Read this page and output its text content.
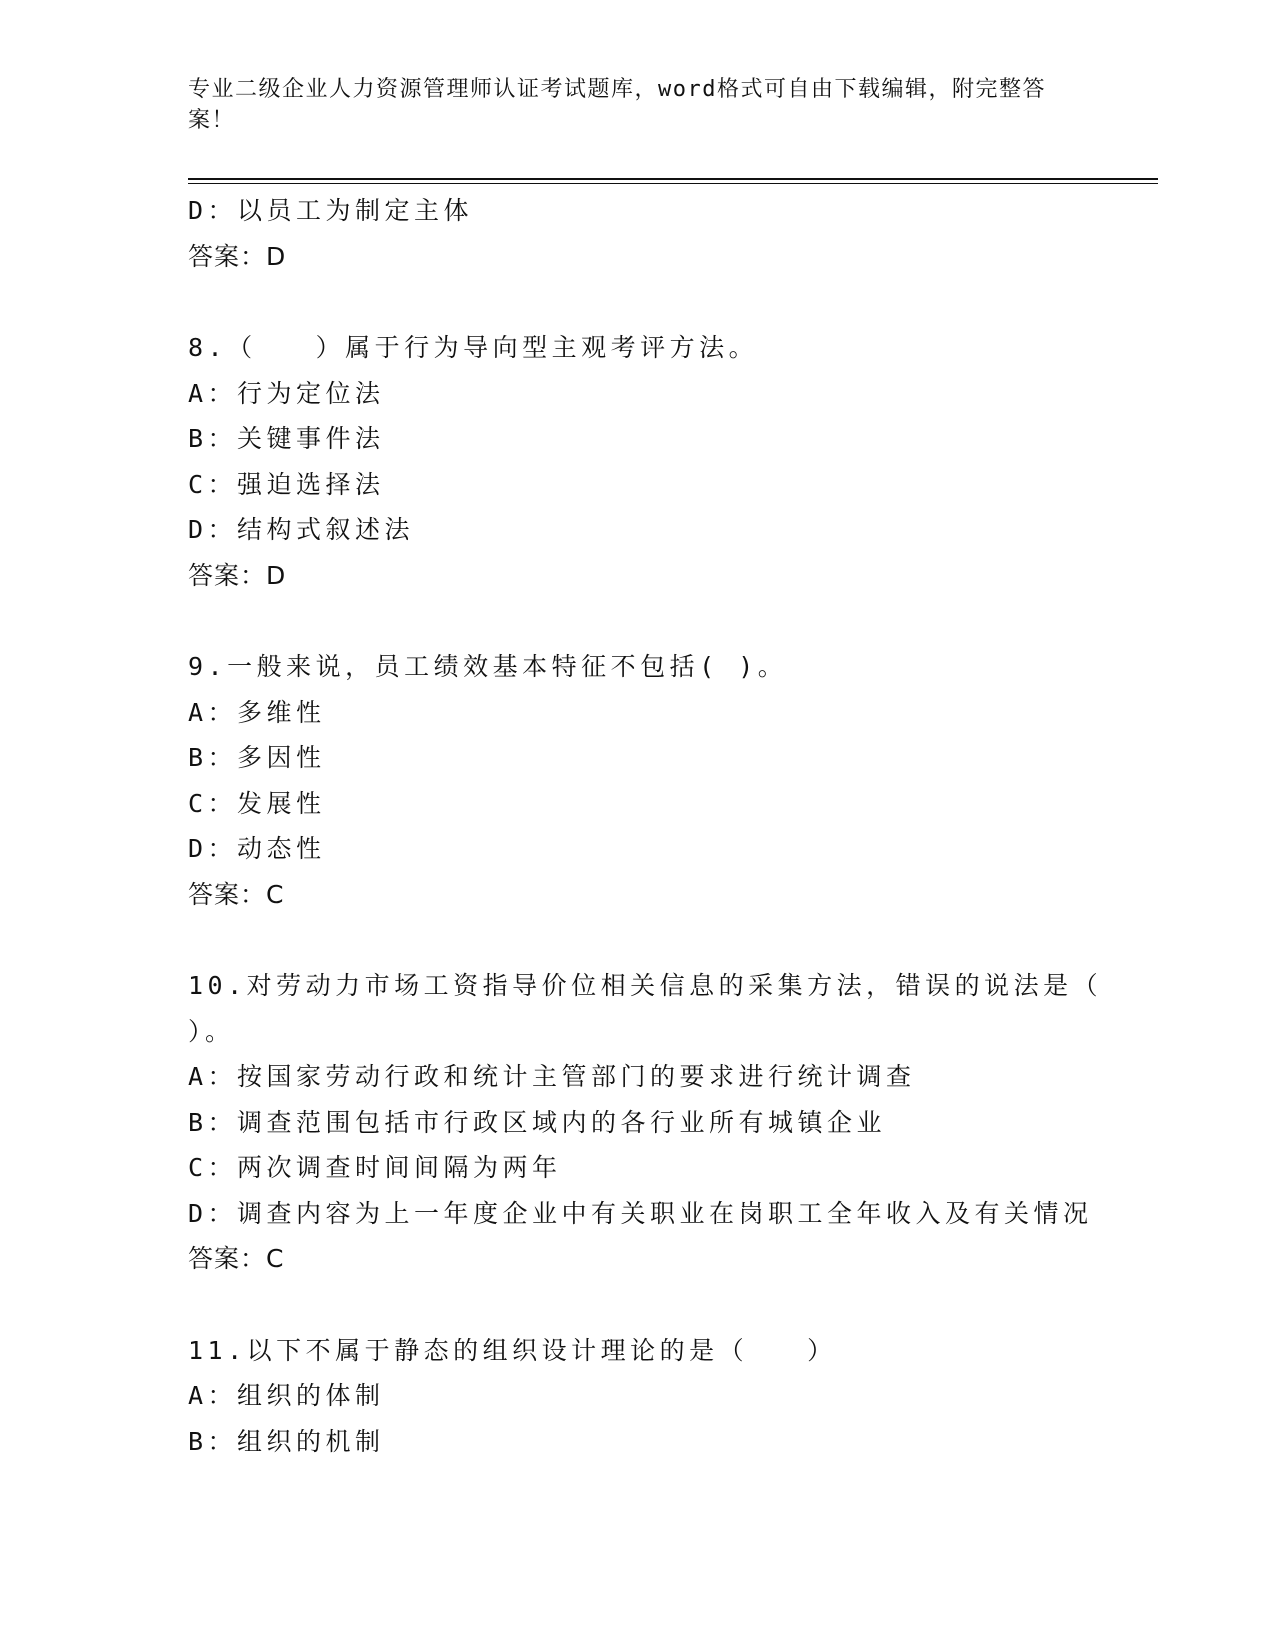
专业二级企业人力资源管理师认证考试题库，word格式可自由下载编辑，附完整答案！
D：以员工为制定主体
答案：D
8.（　　）属于行为导向型主观考评方法。
A：行为定位法
B：关键事件法
C：强迫选择法
D：结构式叙述法
答案：D
9.一般来说，员工绩效基本特征不包括( )。
A：多维性
B：多因性
C：发展性
D：动态性
答案：C
10.对劳动力市场工资指导价位相关信息的采集方法，错误的说法是（
）。
A：按国家劳动行政和统计主管部门的要求进行统计调查
B：调查范围包括市行政区域内的各行业所有城镇企业
C：两次调查时间间隔为两年
D：调查内容为上一年度企业中有关职业在岗职工全年收入及有关情况
答案：C
11.以下不属于静态的组织设计理论的是（　　）
A：组织的体制
B：组织的机制
